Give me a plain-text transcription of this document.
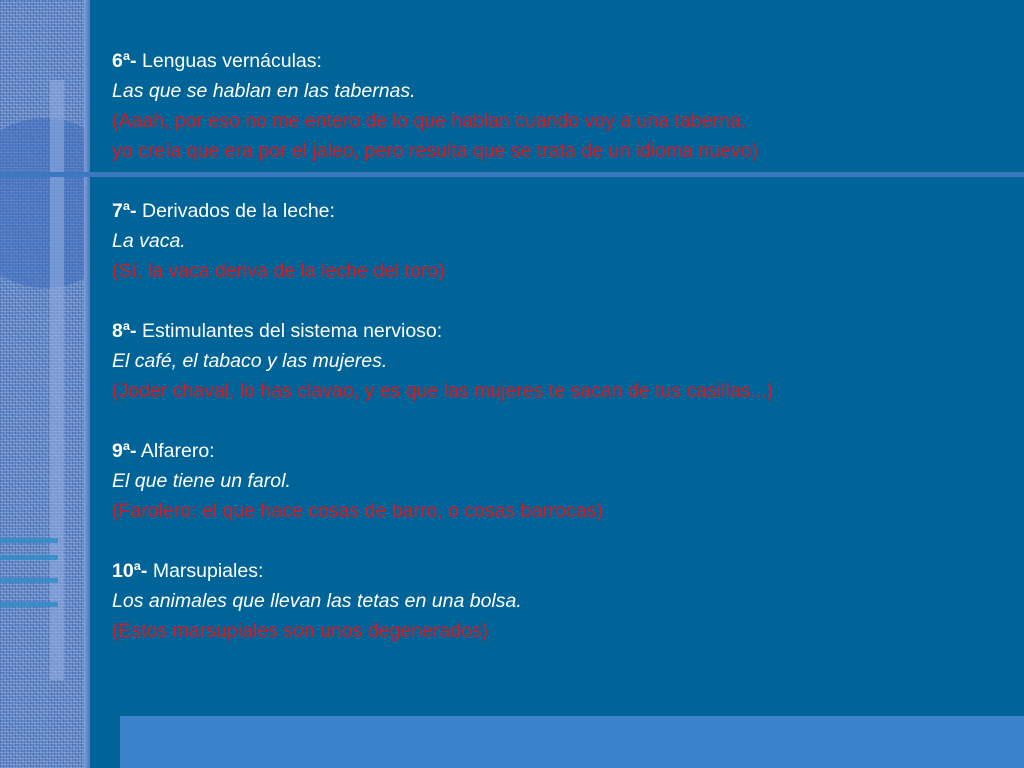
6ª- Lenguas vernáculas:
Las que se hablan en las tabernas.
(Aaah, por eso no me entero de lo que hablan cuando voy a una taberna,
yo creía que era por el jaleo, pero resulta que se trata de un idioma nuevo)
7ª- Derivados de la leche:
La vaca.
(Sí, la vaca deriva de la leche del toro)
8ª- Estimulantes del sistema nervioso:
El café, el tabaco y las mujeres.
(Joder chaval, lo has clavao, y es que las mujeres te sacan de tus casillas...)
9ª- Alfarero:
El que tiene un farol.
(Farolero: el que hace cosas de barro, o cosas barrocas)
10ª- Marsupiales:
Los animales que llevan las tetas en una bolsa.
(Estos marsupiales son unos degenerados)
